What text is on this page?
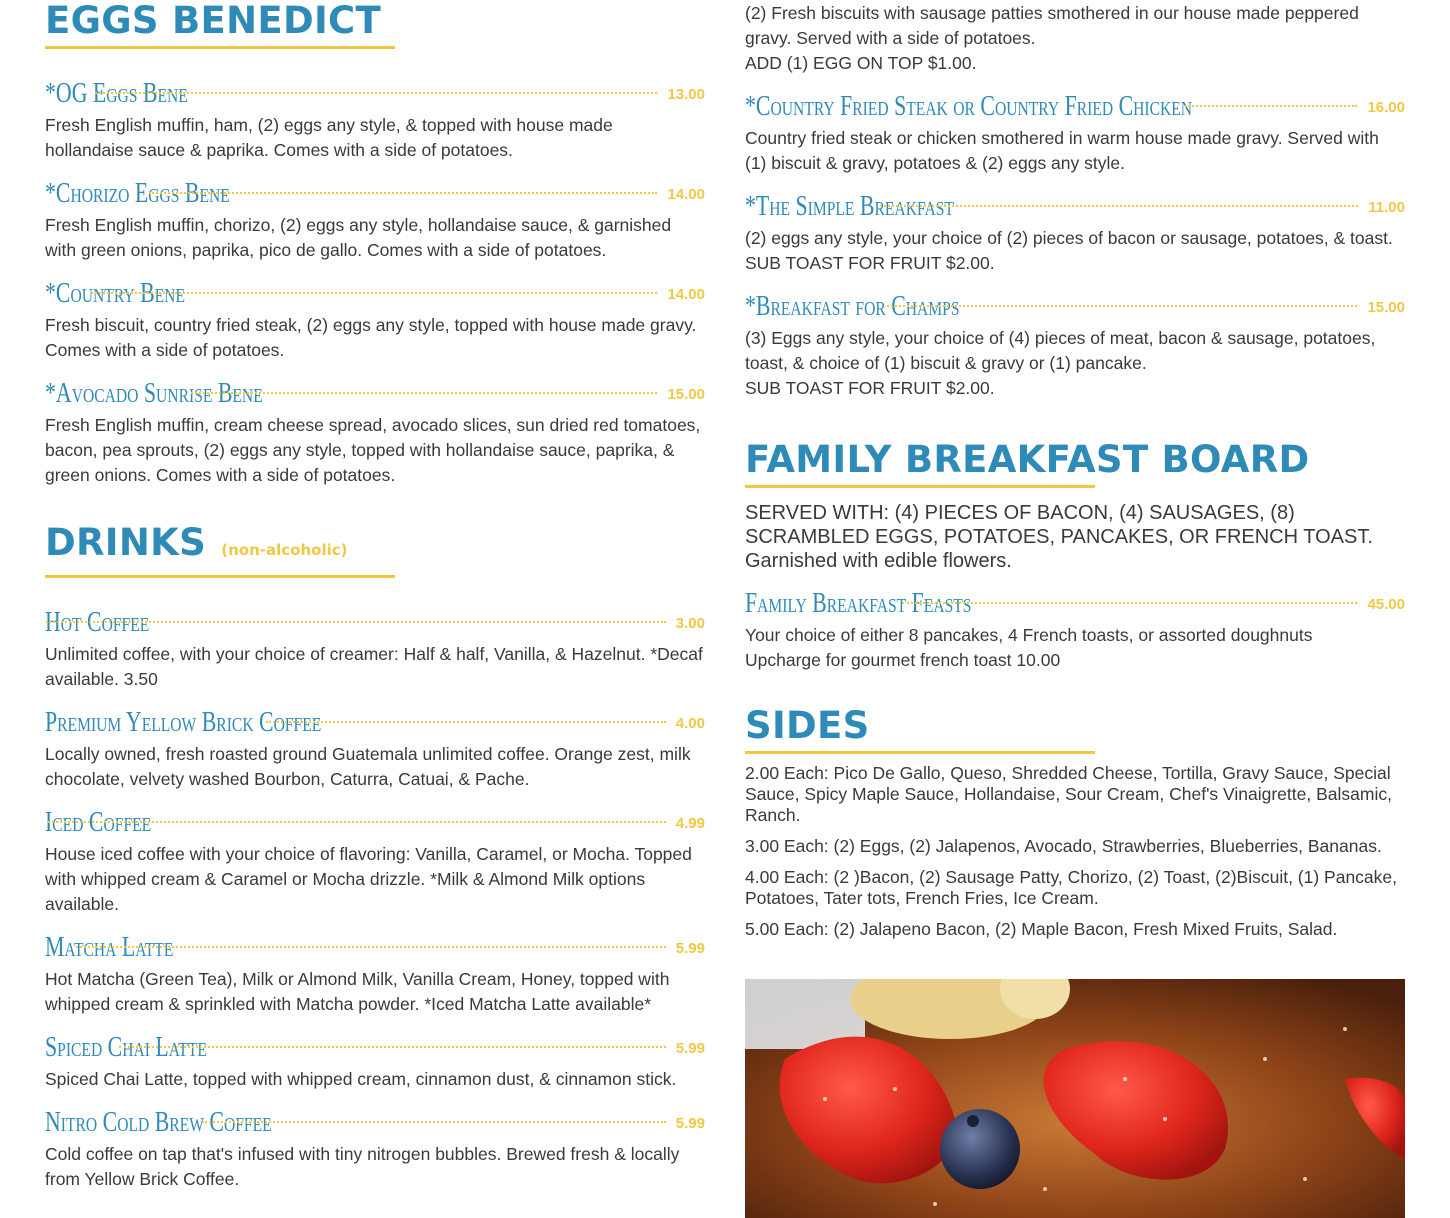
EGGS BENEDICT
*OG Eggs Bene	13.00
Fresh English muffin, ham, (2) eggs any style, & topped with house made hollandaise sauce & paprika. Comes with a side of potatoes.
*Chorizo Eggs Bene	14.00
Fresh English muffin, chorizo, (2) eggs any style, hollandaise sauce, & garnished with green onions, paprika, pico de gallo. Comes with a side of potatoes.
*Country Bene	14.00
Fresh biscuit, country fried steak, (2) eggs any style, topped with house made gravy. Comes with a side of potatoes.
*Avocado Sunrise Bene	15.00
Fresh English muffin, cream cheese spread, avocado slices, sun dried red tomatoes, bacon, pea sprouts, (2) eggs any style, topped with hollandaise sauce, paprika, & green onions. Comes with a side of potatoes.
DRINKS (non-alcoholic)
Hot Coffee	3.00
Unlimited coffee, with your choice of creamer: Half & half, Vanilla, & Hazelnut. *Decaf available. 3.50
Premium Yellow Brick Coffee	4.00
Locally owned, fresh roasted ground Guatemala unlimited coffee. Orange zest, milk chocolate, velvety washed Bourbon, Caturra, Catuai, & Pache.
Iced Coffee	4.99
House iced coffee with your choice of flavoring: Vanilla, Caramel, or Mocha. Topped with whipped cream & Caramel or Mocha drizzle. *Milk & Almond Milk options available.
Matcha Latte	5.99
Hot Matcha (Green Tea), Milk or Almond Milk, Vanilla Cream, Honey, topped with whipped cream & sprinkled with Matcha powder. *Iced Matcha Latte available*
Spiced Chai Latte	5.99
Spiced Chai Latte, topped with whipped cream, cinnamon dust, & cinnamon stick.
Nitro Cold Brew Coffee	5.99
Cold coffee on tap that's infused with tiny nitrogen bubbles. Brewed fresh & locally from Yellow Brick Coffee.
(2) Fresh biscuits with sausage patties smothered in our house made peppered gravy. Served with a side of potatoes.
ADD (1) EGG ON TOP $1.00.
*Country Fried Steak or Country Fried Chicken	16.00
Country fried steak or chicken smothered in warm house made gravy. Served with (1) biscuit & gravy, potatoes & (2) eggs any style.
*The Simple Breakfast	11.00
(2) eggs any style, your choice of (2) pieces of bacon or sausage, potatoes, & toast.
SUB TOAST FOR FRUIT $2.00.
*Breakfast for Champs	15.00
(3) Eggs any style, your choice of (4) pieces of meat, bacon & sausage, potatoes, toast, & choice of (1) biscuit & gravy or (1) pancake.
SUB TOAST FOR FRUIT $2.00.
FAMILY BREAKFAST BOARD
SERVED WITH: (4) PIECES OF BACON, (4) SAUSAGES, (8) SCRAMBLED EGGS, POTATOES, PANCAKES, OR FRENCH TOAST.
Garnished with edible flowers.
Family Breakfast Feasts	45.00
Your choice of either 8 pancakes, 4 French toasts, or assorted doughnuts
Upcharge for gourmet french toast 10.00
SIDES
2.00 Each: Pico De Gallo, Queso, Shredded Cheese, Tortilla, Gravy Sauce, Special Sauce, Spicy Maple Sauce, Hollandaise, Sour Cream, Chef's Vinaigrette, Balsamic, Ranch.
3.00 Each: (2) Eggs, (2) Jalapenos, Avocado, Strawberries, Blueberries, Bananas.
4.00 Each: (2 )Bacon, (2) Sausage Patty, Chorizo, (2) Toast, (2)Biscuit, (1) Pancake, Potatoes, Tater tots, French Fries, Ice Cream.
5.00 Each: (2) Jalapeno Bacon, (2) Maple Bacon, Fresh Mixed Fruits, Salad.
